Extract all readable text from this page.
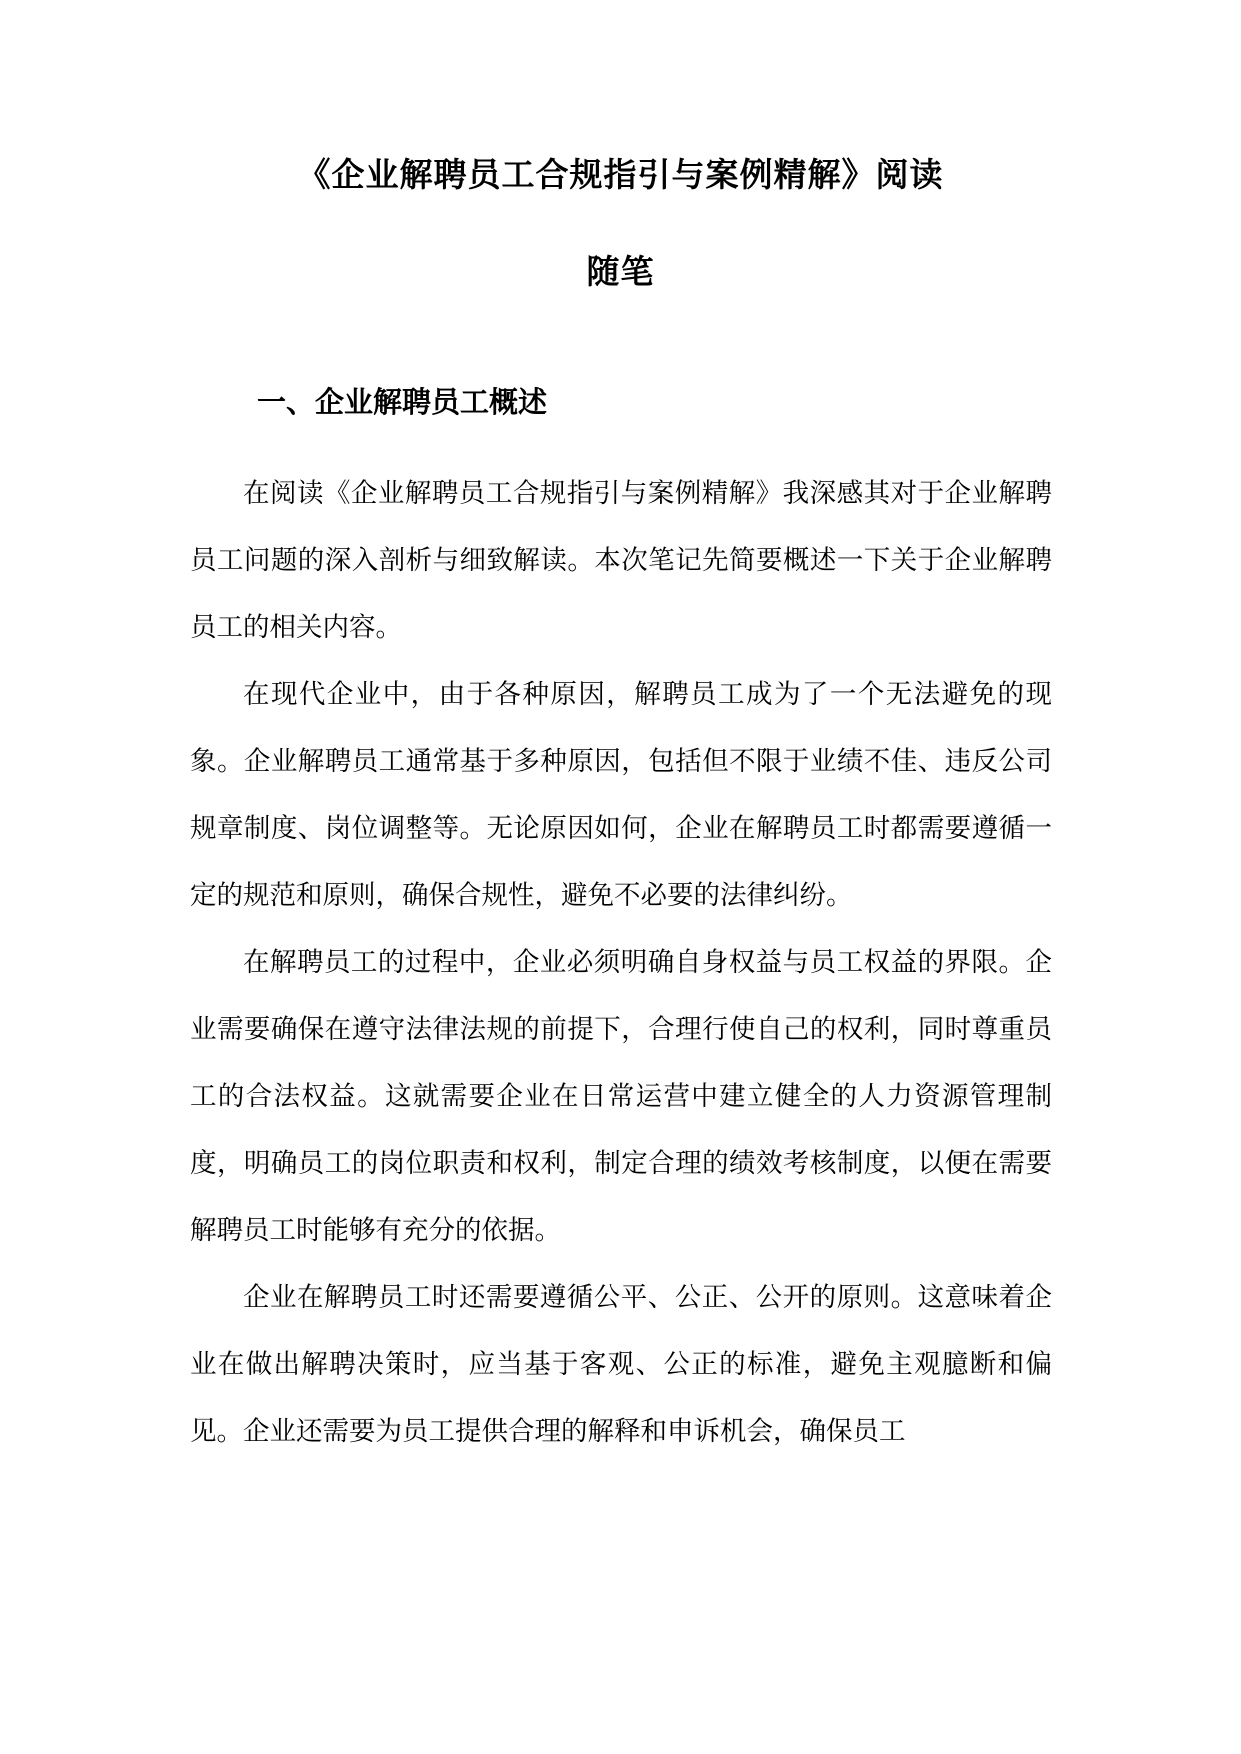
《企业解聘员工合规指引与案例精解》阅读
随笔
一、企业解聘员工概述

在阅读《企业解聘员工合规指引与案例精解》我深感其对于企业解聘员工问题的深入剖析与细致解读。本次笔记先简要概述一下关于企业解聘员工的相关内容。

在现代企业中，由于各种原因，解聘员工成为了一个无法避免的现象。企业解聘员工通常基于多种原因，包括但不限于业绩不佳、违反公司规章制度、岗位调整等。无论原因如何，企业在解聘员工时都需要遵循一定的规范和原则，确保合规性，避免不必要的法律纠纷。

在解聘员工的过程中，企业必须明确自身权益与员工权益的界限。企业需要确保在遵守法律法规的前提下，合理行使自己的权利，同时尊重员工的合法权益。这就需要企业在日常运营中建立健全的人力资源管理制度，明确员工的岗位职责和权利，制定合理的绩效考核制度，以便在需要解聘员工时能够有充分的依据。

企业在解聘员工时还需要遵循公平、公正、公开的原则。这意味着企业在做出解聘决策时，应当基于客观、公正的标准，避免主观臆断和偏见。企业还需要为员工提供合理的解释和申诉机会，确保员工
